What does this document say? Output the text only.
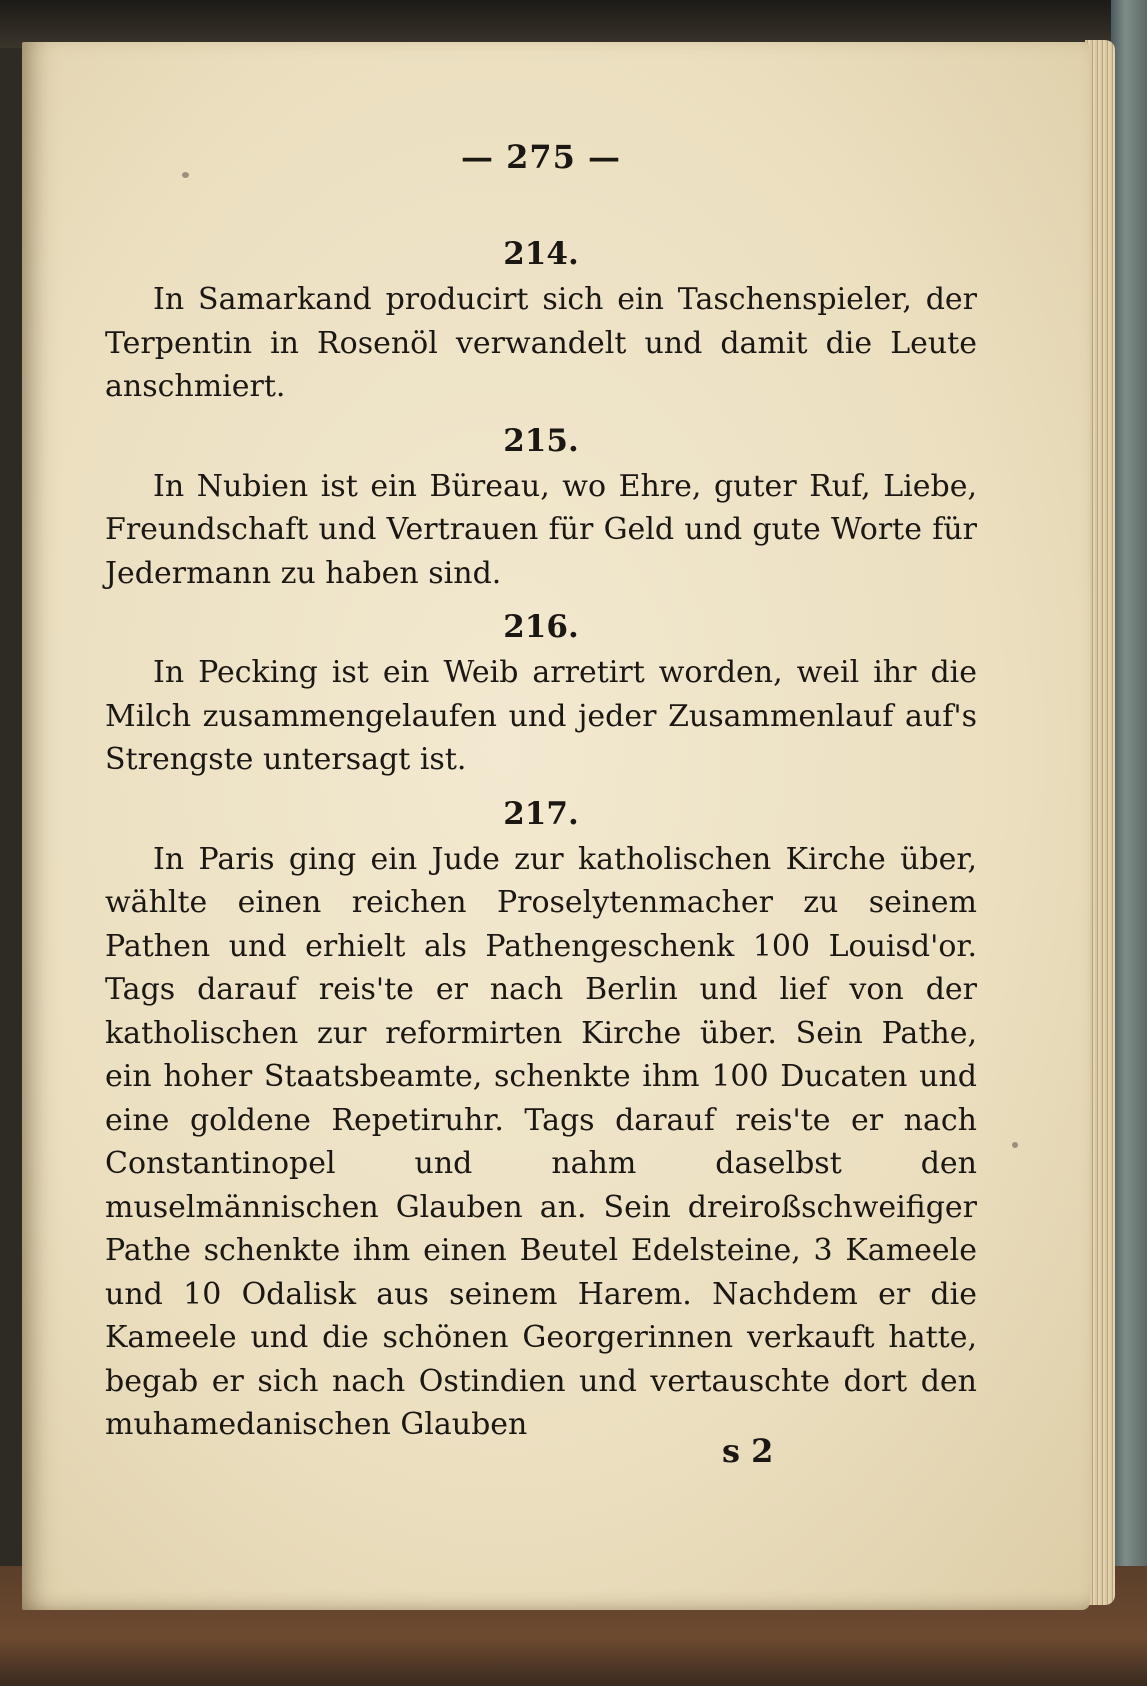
— 275 —
214.

In Samarkand producirt sich ein Taschenspieler, der Terpentin in Rosenöl verwandelt und damit die Leute anschmiert.

215.

In Nubien ist ein Büreau, wo Ehre, guter Ruf, Liebe, Freundschaft und Vertrauen für Geld und gute Worte für Jedermann zu haben sind.

216.

In Pecking ist ein Weib arretirt worden, weil ihr die Milch zusammengelaufen und jeder Zusammenlauf auf's Strengste untersagt ist.

217.

In Paris ging ein Jude zur katholischen Kirche über, wählte einen reichen Proselytenmacher zu seinem Pathen und erhielt als Pathengeschenk 100 Louisd'or. Tags darauf reis'te er nach Berlin und lief von der katholischen zur reformirten Kirche über. Sein Pathe, ein hoher Staatsbeamte, schenkte ihm 100 Ducaten und eine goldene Repetiruhr. Tags darauf reis'te er nach Constantinopel und nahm daselbst den muselmännischen Glauben an. Sein dreiroßschweifiger Pathe schenkte ihm einen Beutel Edelsteine, 3 Kameele und 10 Odalisk aus seinem Harem. Nachdem er die Kameele und die schönen Georgerinnen verkauft hatte, begab er sich nach Ostindien und vertauschte dort den muhamedanischen Glauben

s 2
